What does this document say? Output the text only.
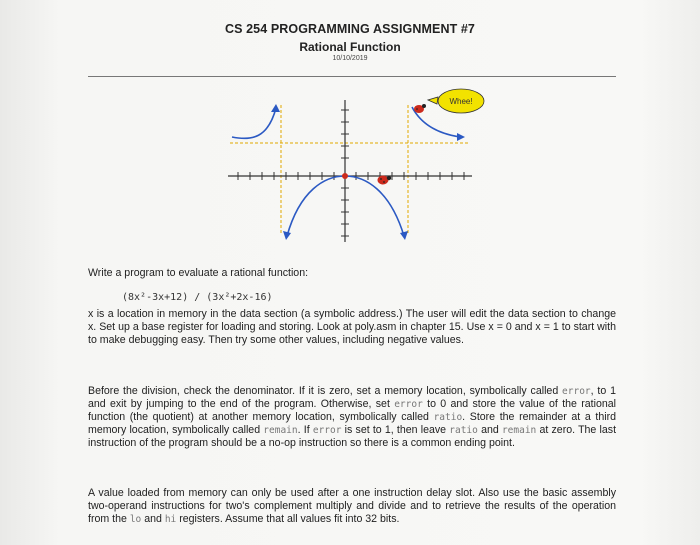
CS 254 PROGRAMMING ASSIGNMENT #7
Rational Function
10/10/2019
Whee!
Write a program to evaluate a rational function:
(8x²-3x+12) / (3x²+2x-16)
x is a location in memory in the data section (a symbolic address.) The user will edit the data section to change x. Set up a base register for loading and storing. Look at poly.asm in chapter 15. Use x = 0 and x = 1 to start with to make debugging easy. Then try some other values, including negative values.
Before the division, check the denominator. If it is zero, set a memory location, symbolically called error, to 1 and exit by jumping to the end of the program. Otherwise, set error to 0 and store the value of the rational function (the quotient) at another memory location, symbolically called ratio. Store the remainder at a third memory location, symbolically called remain. If error is set to 1, then leave ratio and remain at zero. The last instruction of the program should be a no-op instruction so there is a common ending point.
A value loaded from memory can only be used after a one instruction delay slot. Also use the basic assembly two-operand instructions for two's complement multiply and divide and to retrieve the results of the operation from the lo and hi registers. Assume that all values fit into 32 bits.
